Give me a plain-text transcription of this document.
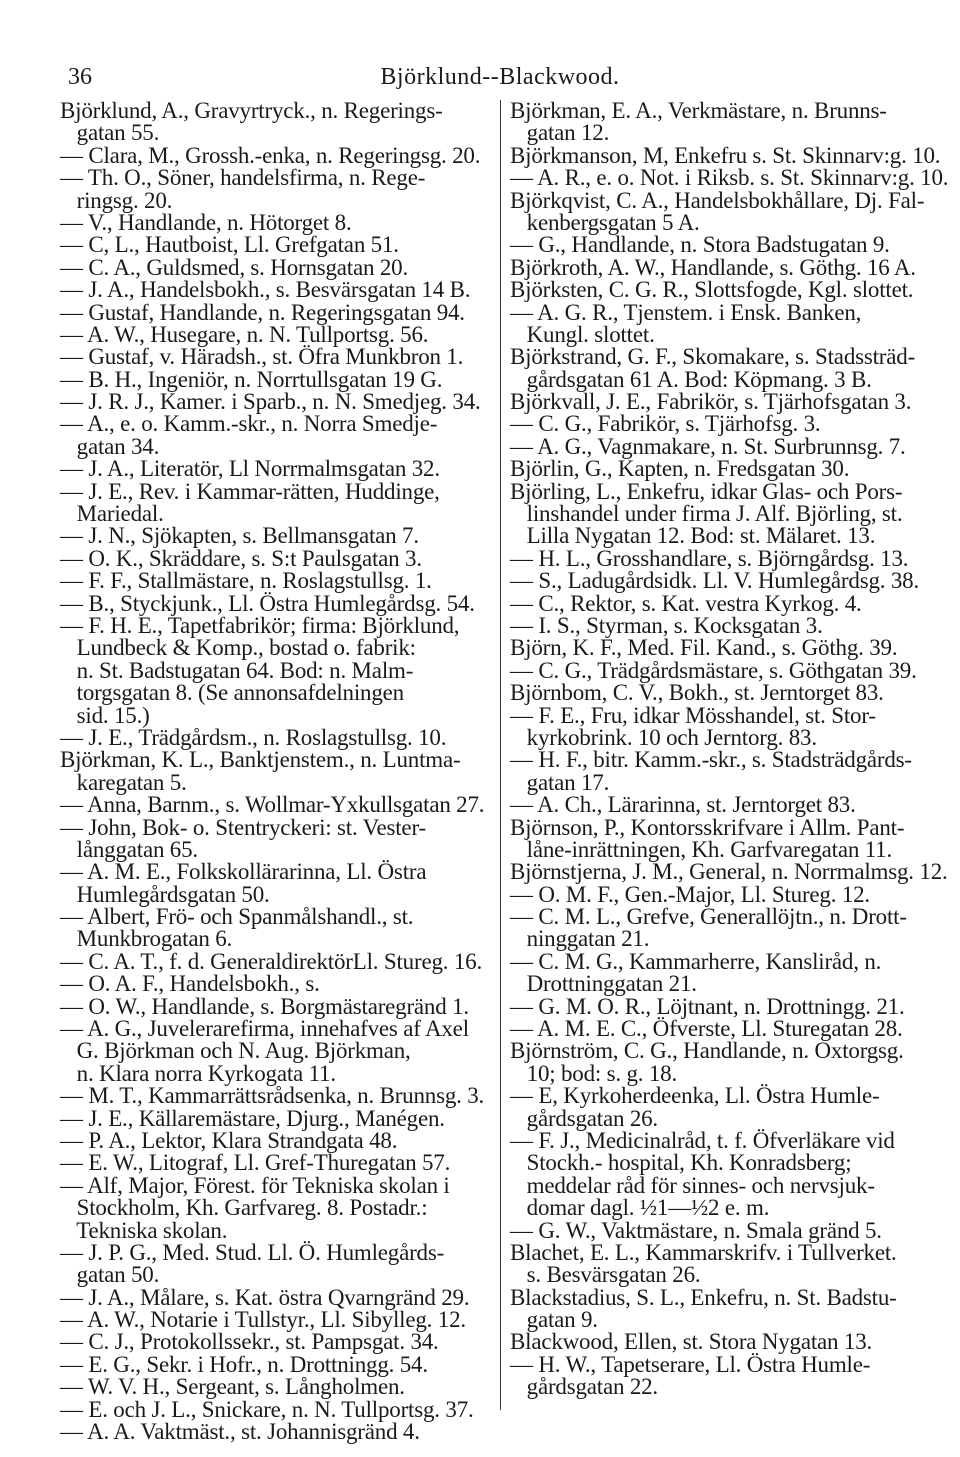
36	Björklund--Blackwood.
Björklund, A., Gravyrtryck., n. Regerings-
gatan 55.
— Clara, M., Grossh.-enka, n. Regeringsg. 20.
— Th. O., Söner, handelsfirma, n. Rege-
ringsg. 20.
— V., Handlande, n. Hötorget 8.
— C, L., Hautboist, Ll. Grefgatan 51.
— C. A., Guldsmed, s. Hornsgatan 20.
— J. A., Handelsbokh., s. Besvärsgatan 14 B.
— Gustaf, Handlande, n. Regeringsgatan 94.
— A. W., Husegare, n. N. Tullportsg. 56.
— Gustaf, v. Häradsh., st. Öfra Munkbron 1.
— B. H., Ingeniör, n. Norrtullsgatan 19 G.
— J. R. J., Kamer. i Sparb., n. N. Smedjeg. 34.
— A., e. o. Kamm.-skr., n. Norra Smedje-
gatan 34.
— J. A., Literatör, Ll Norrmalmsgatan 32.
— J. E., Rev. i Kammar-rätten, Huddinge,
Mariedal.
— J. N., Sjökapten, s. Bellmansgatan 7.
— O. K., Skräddare, s. S:t Paulsgatan 3.
— F. F., Stallmästare, n. Roslagstullsg. 1.
— B., Styckjunk., Ll. Östra Humlegårdsg. 54.
— F. H. E., Tapetfabrikör; firma: Björklund,
Lundbeck & Komp., bostad o. fabrik:
n. St. Badstugatan 64. Bod: n. Malm-
torgsgatan 8. (Se annonsafdelningen
sid. 15.)
— J. E., Trädgårdsm., n. Roslagstullsg. 10.
Björkman, K. L., Banktjenstem., n. Luntma-
karegatan 5.
— Anna, Barnm., s. Wollmar-Yxkullsgatan 27.
— John, Bok- o. Stentryckeri: st. Vester-
långgatan 65.
— A. M. E., Folkskollärarinna, Ll. Östra
Humlegårdsgatan 50.
— Albert, Frö- och Spanmålshandl., st.
Munkbrogatan 6.
— C. A. T., f. d. GeneraldirektörLl. Stureg. 16.
— O. A. F., Handelsbokh., s.
— O. W., Handlande, s. Borgmästaregränd 1.
— A. G., Juvelerarefirma, innehafves af Axel
G. Björkman och N. Aug. Björkman,
n. Klara norra Kyrkogata 11.
— M. T., Kammarrättsrådsenka, n. Brunnsg. 3.
— J. E., Källaremästare, Djurg., Manégen.
— P. A., Lektor, Klara Strandgata 48.
— E. W., Litograf, Ll. Gref-Thuregatan 57.
— Alf, Major, Förest. för Tekniska skolan i
Stockholm, Kh. Garfvareg. 8. Postadr.:
Tekniska skolan.
— J. P. G., Med. Stud. Ll. Ö. Humlegårds-
gatan 50.
— J. A., Målare, s. Kat. östra Qvarngränd 29.
— A. W., Notarie i Tullstyr., Ll. Sibylleg. 12.
— C. J., Protokollssekr., st. Pampsgat. 34.
— E. G., Sekr. i Hofr., n. Drottningg. 54.
— W. V. H., Sergeant, s. Långholmen.
— E. och J. L., Snickare, n. N. Tullportsg. 37.
— A. A. Vaktmäst., st. Johannisgränd 4.
Björkman, E. A., Verkmästare, n. Brunns-
gatan 12.
Björkmanson, M, Enkefru s. St. Skinnarv:g. 10.
— A. R., e. o. Not. i Riksb. s. St. Skinnarv:g. 10.
Björkqvist, C. A., Handelsbokhållare, Dj. Fal-
kenbergsgatan 5 A.
— G., Handlande, n. Stora Badstugatan 9.
Björkroth, A. W., Handlande, s. Göthg. 16 A.
Björksten, C. G. R., Slottsfogde, Kgl. slottet.
— A. G. R., Tjenstem. i Ensk. Banken,
Kungl. slottet.
Björkstrand, G. F., Skomakare, s. Stadssträd-
gårdsgatan 61 A. Bod: Köpmang. 3 B.
Björkvall, J. E., Fabrikör, s. Tjärhofsgatan 3.
— C. G., Fabrikör, s. Tjärhofsg. 3.
— A. G., Vagnmakare, n. St. Surbrunnsg. 7.
Björlin, G., Kapten, n. Fredsgatan 30.
Björling, L., Enkefru, idkar Glas- och Pors-
linshandel under firma J. Alf. Björling, st.
Lilla Nygatan 12. Bod: st. Mälaret. 13.
— H. L., Grosshandlare, s. Björngårdsg. 13.
— S., Ladugårdsidk. Ll. V. Humlegårdsg. 38.
— C., Rektor, s. Kat. vestra Kyrkog. 4.
— I. S., Styrman, s. Kocksgatan 3.
Björn, K. F., Med. Fil. Kand., s. Göthg. 39.
— C. G., Trädgårdsmästare, s. Göthgatan 39.
Björnbom, C. V., Bokh., st. Jerntorget 83.
— F. E., Fru, idkar Mösshandel, st. Stor-
kyrkobrink. 10 och Jerntorg. 83.
— H. F., bitr. Kamm.-skr., s. Stadsträdgårds-
gatan 17.
— A. Ch., Lärarinna, st. Jerntorget 83.
Björnson, P., Kontorsskrifvare i Allm. Pant-
låne-inrättningen, Kh. Garfvaregatan 11.
Björnstjerna, J. M., General, n. Norrmalmsg. 12.
— O. M. F., Gen.-Major, Ll. Stureg. 12.
— C. M. L., Grefve, Generallöjtn., n. Drott-
ninggatan 21.
— C. M. G., Kammarherre, Kanslіråd, n.
Drottninggatan 21.
— G. M. O. R., Löjtnant, n. Drottningg. 21.
— A. M. E. C., Öfverste, Ll. Sturegatan 28.
Björnström, C. G., Handlande, n. Oxtorgsg.
10; bod: s. g. 18.
— E, Kyrkoherdeenka, Ll. Östra Humle-
gårdsgatan 26.
— F. J., Medicinalråd, t. f. Öfverläkare vid
Stockh.- hospital, Kh. Konradsberg;
meddelar råd för sinnes- och nervsjuk-
domar dagl. ½1—½2 e. m.
— G. W., Vaktmästare, n. Smala gränd 5.
Blachet, E. L., Kammarskrifv. i Tullverket.
s. Besvärsgatan 26.
Blackstadius, S. L., Enkefru, n. St. Badstu-
gatan 9.
Blackwood, Ellen, st. Stora Nygatan 13.
— H. W., Tapetserare, Ll. Östra Humle-
gårdsgatan 22.
